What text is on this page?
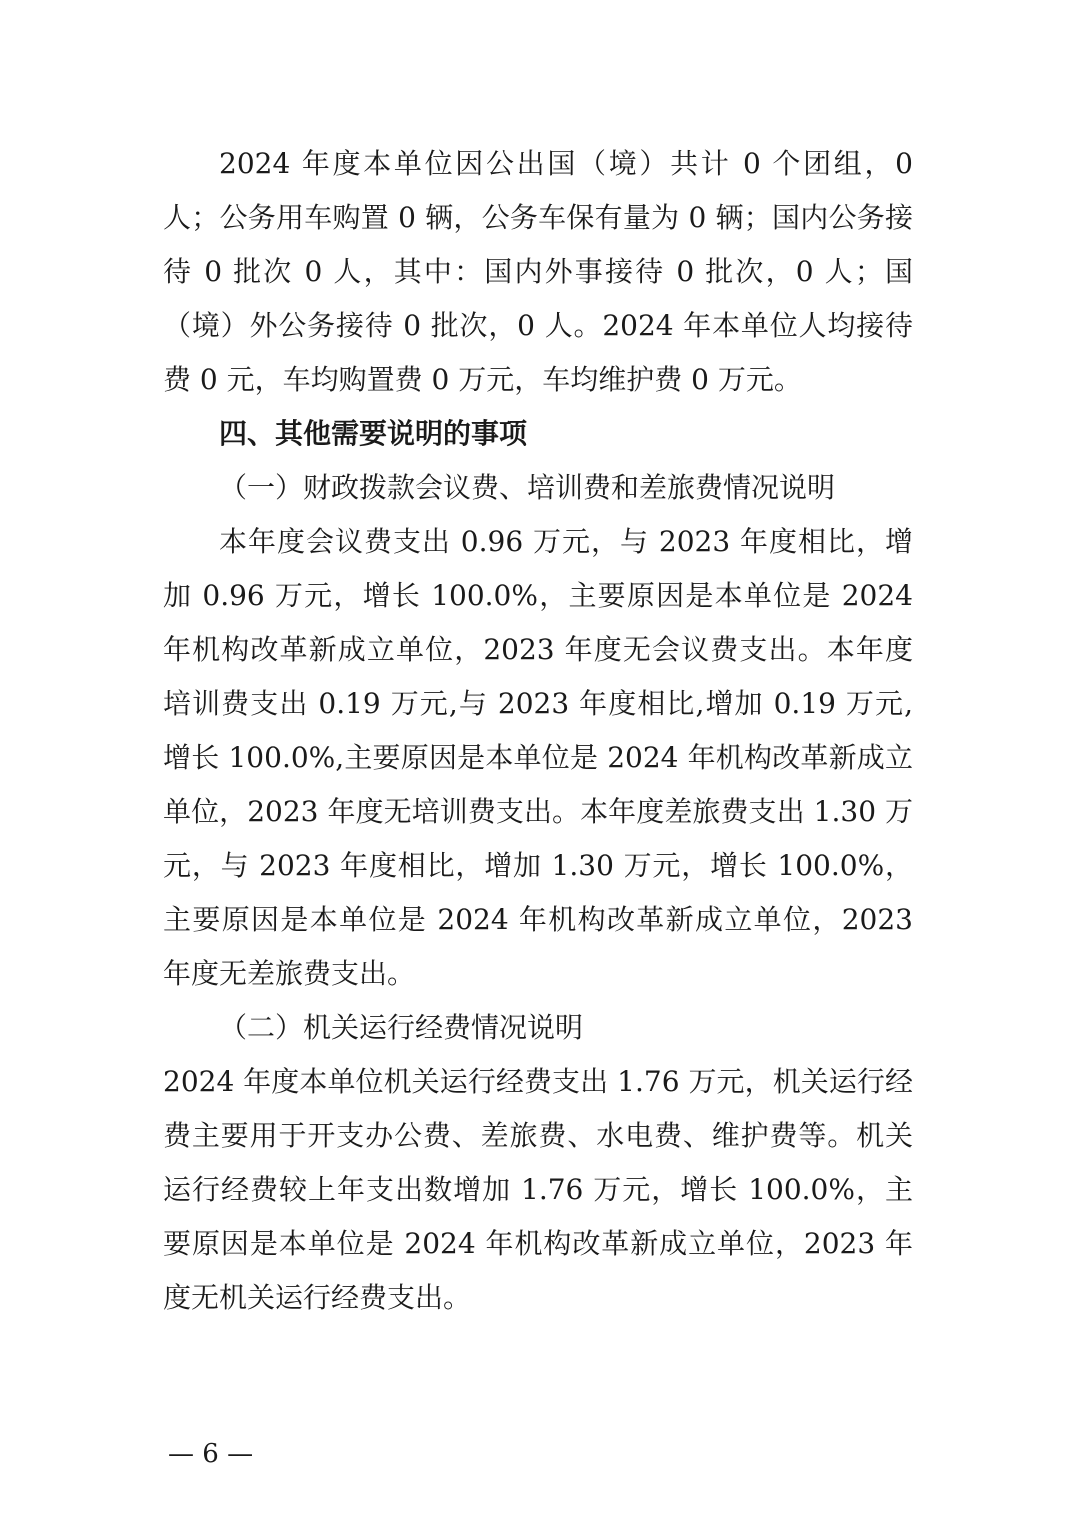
2024 年度本单位因公出国（境）共计 0 个团组，0 人；公务用车购置 0 辆，公务车保有量为 0 辆；国内公务接待 0 批次 0 人，其中：国内外事接待 0 批次，0 人；国（境）外公务接待 0 批次，0 人。2024 年本单位人均接待费 0 元，车均购置费 0 万元，车均维护费 0 万元。

四、其他需要说明的事项

（一）财政拨款会议费、培训费和差旅费情况说明

本年度会议费支出 0.96 万元，与 2023 年度相比，增加 0.96 万元，增长 100.0%，主要原因是本单位是 2024 年机构改革新成立单位，2023 年度无会议费支出。本年度培训费支出 0.19 万元,与 2023 年度相比,增加 0.19 万元,增长 100.0%,主要原因是本单位是 2024 年机构改革新成立单位，2023 年度无培训费支出。本年度差旅费支出 1.30 万元，与 2023 年度相比，增加 1.30 万元，增长 100.0%，主要原因是本单位是 2024 年机构改革新成立单位，2023 年度无差旅费支出。

（二）机关运行经费情况说明

2024 年度本单位机关运行经费支出 1.76 万元，机关运行经费主要用于开支办公费、差旅费、水电费、维护费等。机关运行经费较上年支出数增加 1.76 万元，增长 100.0%，主要原因是本单位是 2024 年机构改革新成立单位，2023 年度无机关运行经费支出。

— 6 —
